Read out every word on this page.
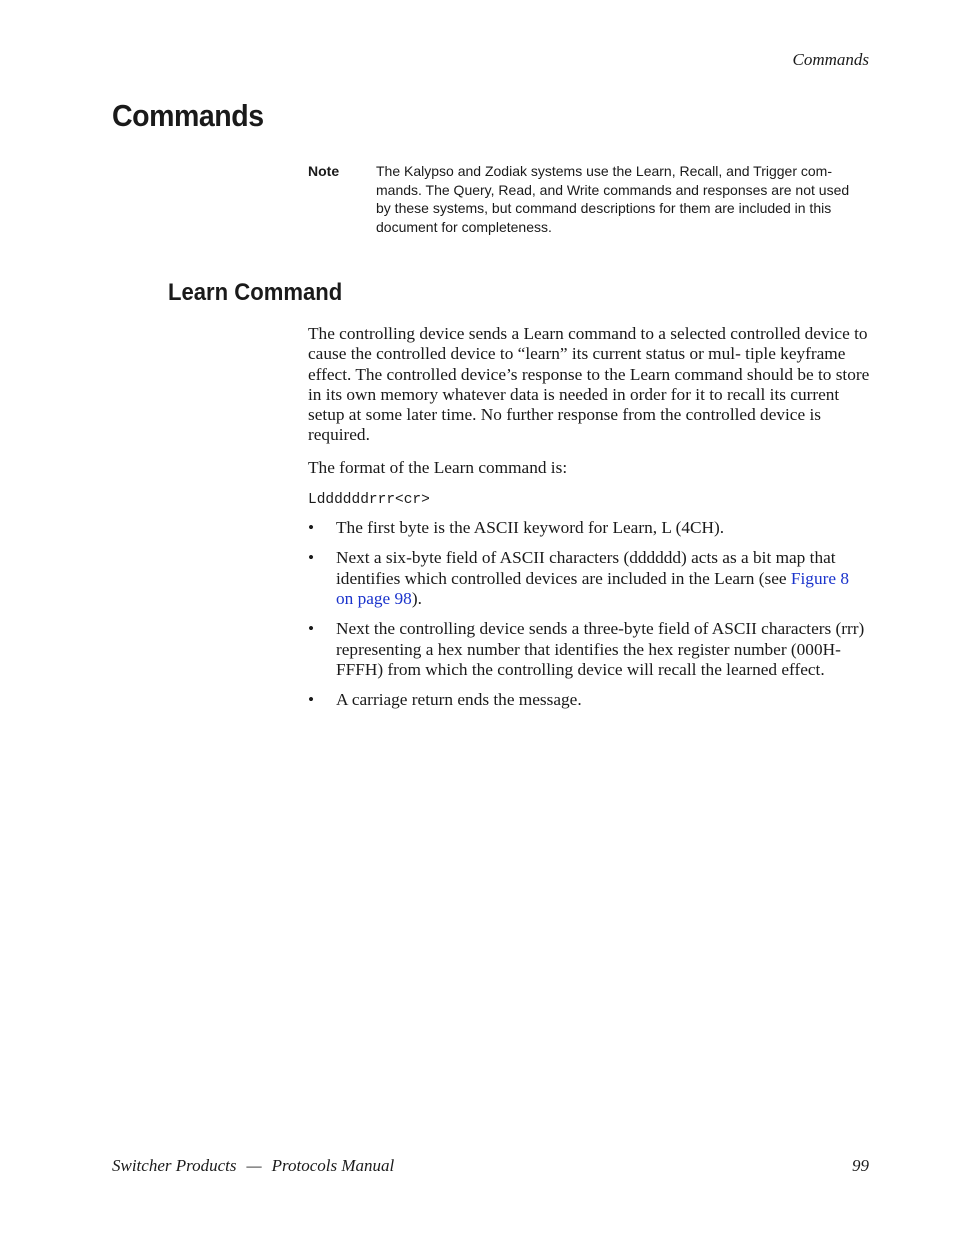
Commands
Commands
Note	The Kalypso and Zodiak systems use the Learn, Recall, and Trigger com- mands. The Query, Read, and Write commands and responses are not used by these systems, but command descriptions for them are included in this document for completeness.
Learn Command

The controlling device sends a Learn command to a selected controlled device to cause the controlled device to “learn” its current status or mul- tiple keyframe effect. The controlled device’s response to the Learn command should be to store in its own memory whatever data is needed in order for it to recall its current setup at some later time. No further response from the controlled device is required.

The format of the Learn command is:

Lddddddrrr<cr>
• The first byte is the ASCII keyword for Learn, L (4CH).
• Next a six-byte field of ASCII characters (dddddd) acts as a bit map that identifies which controlled devices are included in the Learn (see Figure 8 on page 98).
• Next the controlling device sends a three-byte field of ASCII characters (rrr) representing a hex number that identifies the hex register number (000H-FFFH) from which the controlling device will recall the learned effect.
• A carriage return ends the message.
Switcher Products — Protocols Manual	99
